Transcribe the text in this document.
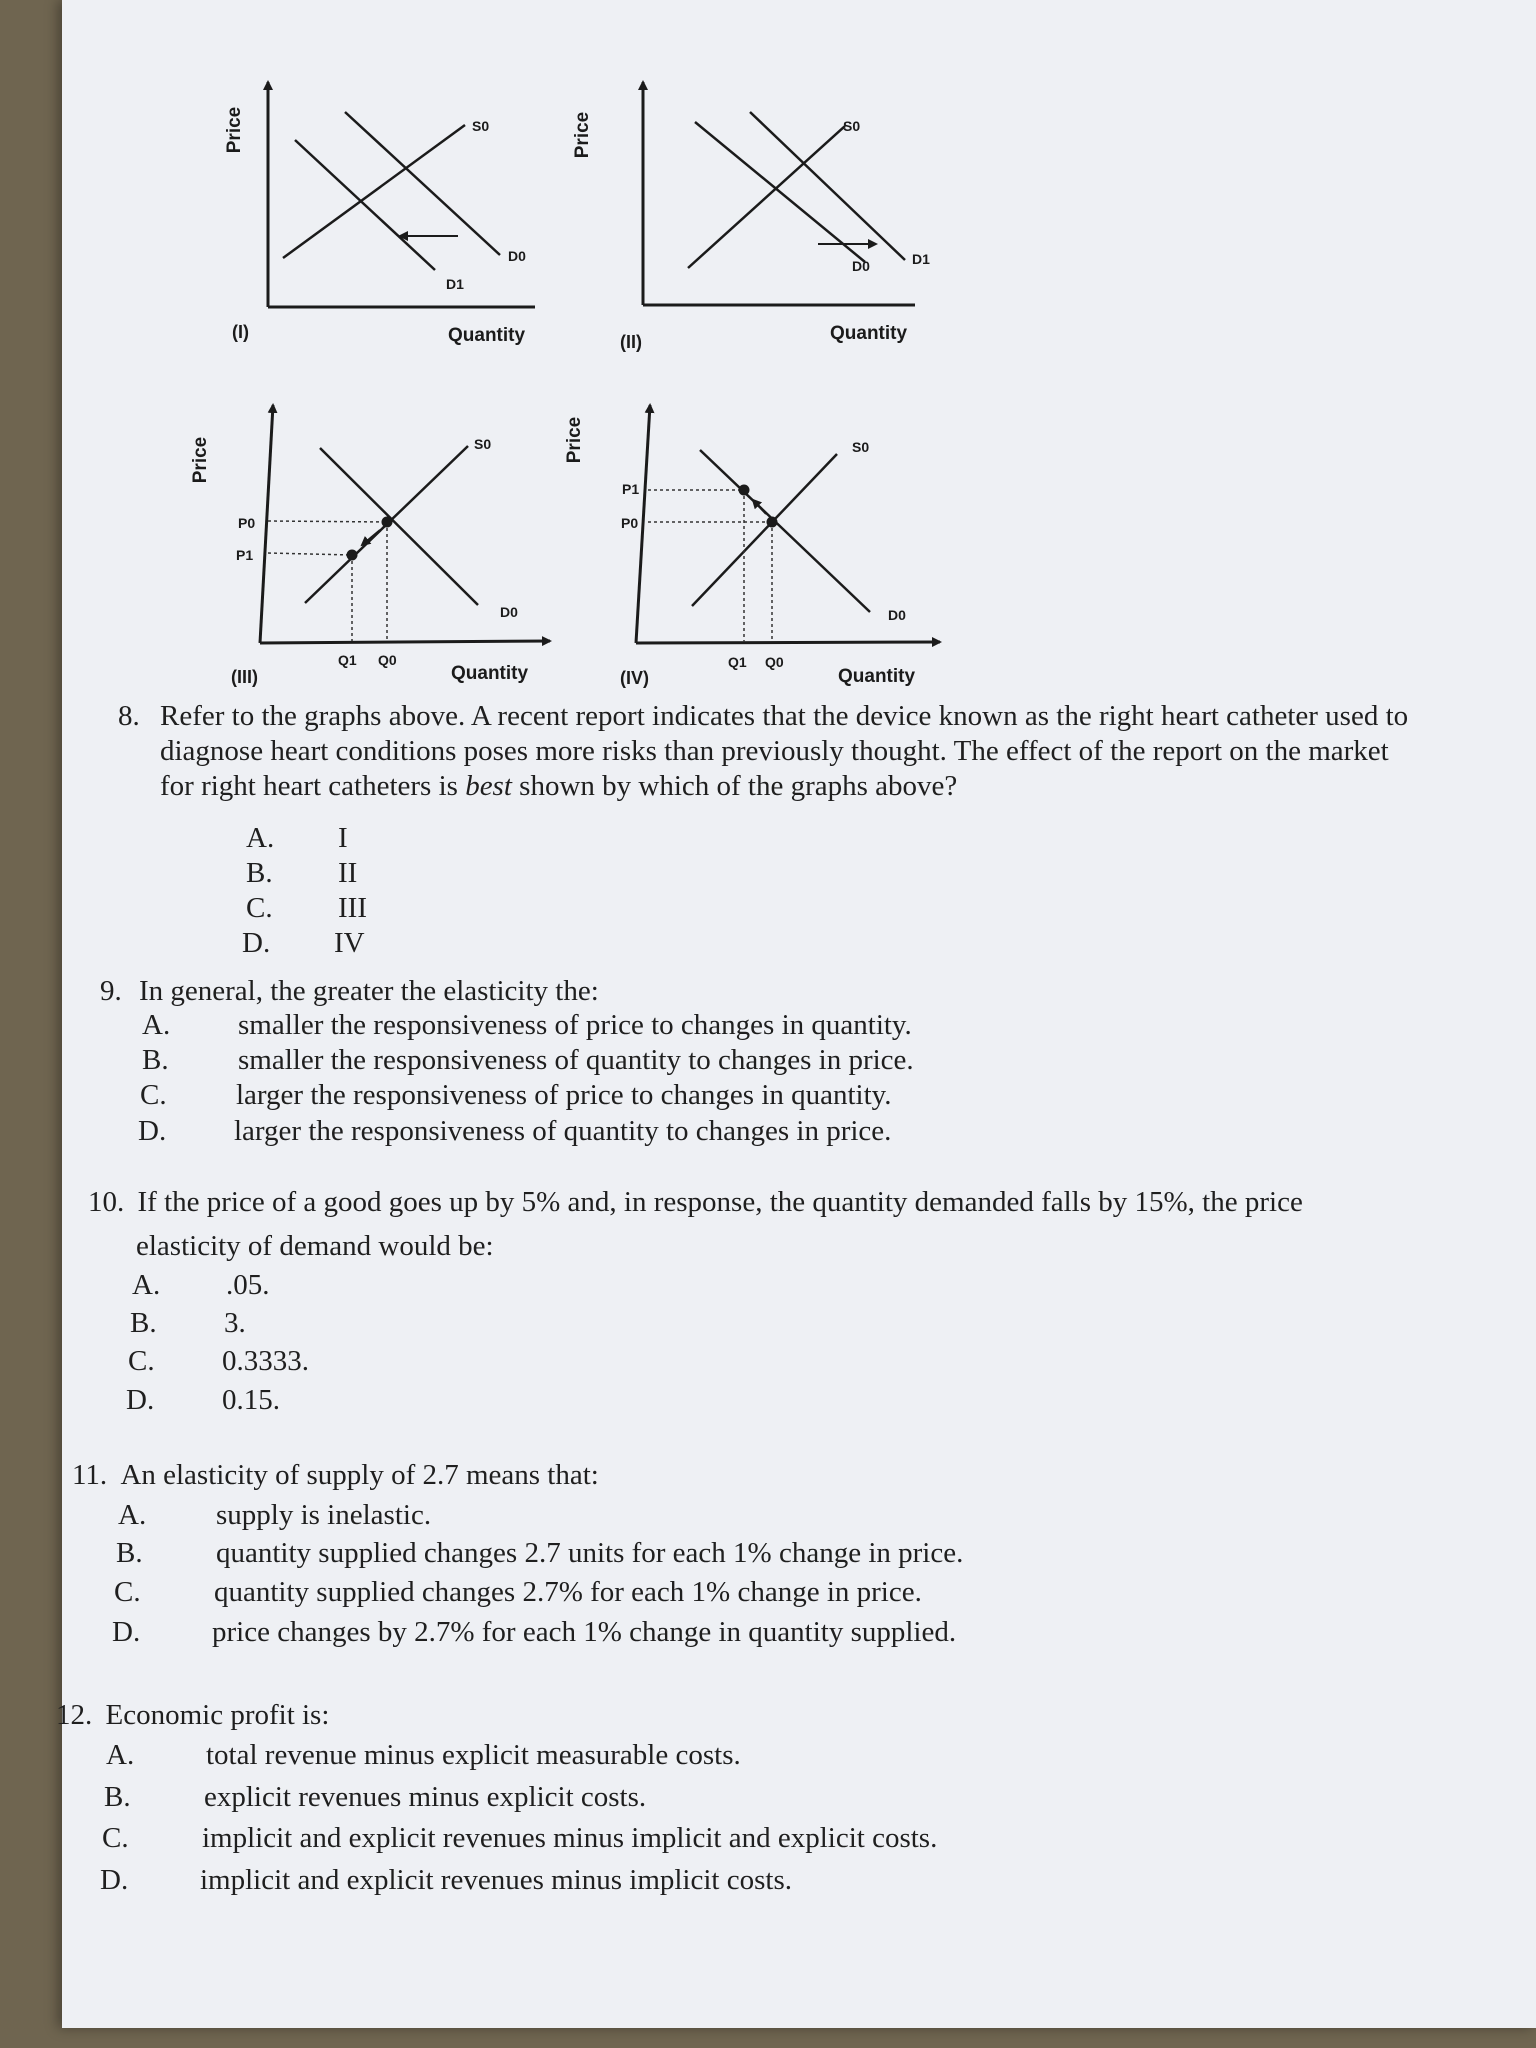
S0
D0
D1
Price
Quantity
(I)
S0
D0	D1
Price
Quantity
(II)
S0
D0
P0
P1
Q1 Q0
Price
Quantity
(III)
S0
D0
P1
P0
Q1 Q0
Price
Quantity
(IV)
8. Refer to the graphs above. A recent report indicates that the device known as the right heart catheter used to
diagnose heart conditions poses more risks than previously thought. The effect of the report on the market
for right heart catheters is best shown by which of the graphs above?
A. I
B. II
C. III
D. IV
9. In general, the greater the elasticity the:
A. smaller the responsiveness of price to changes in quantity.
B. smaller the responsiveness of quantity to changes in price.
C. larger the responsiveness of price to changes in quantity.
D. larger the responsiveness of quantity to changes in price.
10. If the price of a good goes up by 5% and, in response, the quantity demanded falls by 15%, the price
elasticity of demand would be:
A. .05.
B. 3.
C. 0.3333.
D. 0.15.
11. An elasticity of supply of 2.7 means that:
A. supply is inelastic.
B.	quantity supplied changes 2.7 units for each 1% change in price.
C.	quantity supplied changes 2.7% for each 1% change in price.
D. price changes by 2.7% for each 1% change in quantity supplied.
12. Economic profit is:
A. total revenue minus explicit measurable costs.
B.	explicit revenues minus explicit costs.
C.	implicit and explicit revenues minus implicit and explicit costs.
D. implicit and explicit revenues minus implicit costs.
